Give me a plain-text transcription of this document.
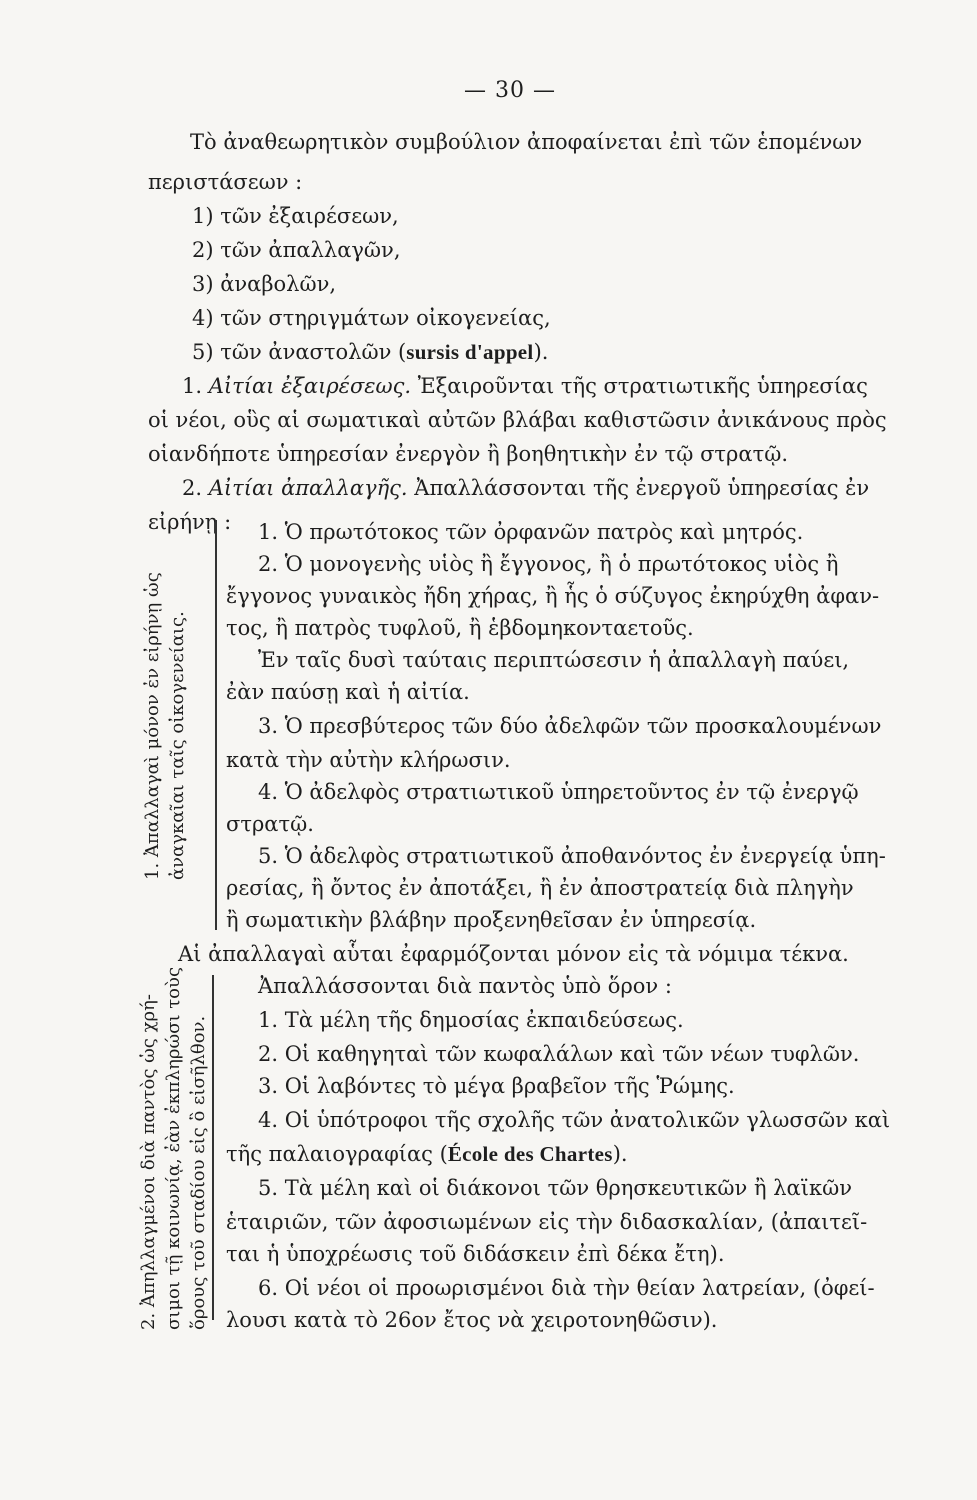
— 30 —
Τὸ ἀναθεωρητικὸν συμβούλιον ἀποφαίνεται ἐπὶ τῶν ἑπομένων
περιστάσεων :
1) τῶν ἐξαιρέσεων,
2) τῶν ἀπαλλαγῶν,
3) ἀναβολῶν,
4) τῶν στηριγμάτων οἰκογενείας,
5) τῶν ἀναστολῶν (sursis d'appel).
1. Αἰτίαι ἐξαιρέσεως. Ἐξαιροῦνται τῆς στρατιωτικῆς ὑπηρεσίας
οἱ νέοι, οὓς αἱ σωματικαὶ αὐτῶν βλάβαι καθιστῶσιν ἀνικάνους πρὸς
οἱανδήποτε ὑπηρεσίαν ἐνεργὸν ἢ βοηθητικὴν ἐν τῷ στρατῷ.
2. Αἰτίαι ἀπαλλαγῆς. Ἀπαλλάσσονται τῆς ἐνεργοῦ ὑπηρεσίας ἐν
εἰρήνῃ :
1. Ἀπαλλαγαὶ μόνον ἐν εἰρήνῃ ὡς ἀναγκαῖαι ταῖς οἰκογενείαις.
1. Ὁ πρωτότοκος τῶν ὀρφανῶν πατρὸς καὶ μητρός.
2. Ὁ μονογενὴς υἱὸς ἢ ἔγγονος, ἢ ὁ πρωτότοκος υἱὸς ἢ
ἔγγονος γυναικὸς ἤδη χήρας, ἢ ἧς ὁ σύζυγος ἐκηρύχθη ἀφαν-
τος, ἢ πατρὸς τυφλοῦ, ἢ ἑβδομηκονταετοῦς.
Ἐν ταῖς δυσὶ ταύταις περιπτώσεσιν ἡ ἀπαλλαγὴ παύει,
ἐὰν παύσῃ καὶ ἡ αἰτία.
3. Ὁ πρεσβύτερος τῶν δύο ἀδελφῶν τῶν προσκαλουμένων
κατὰ τὴν αὐτὴν κλήρωσιν.
4. Ὁ ἀδελφὸς στρατιωτικοῦ ὑπηρετοῦντος ἐν τῷ ἐνεργῷ
στρατῷ.
5. Ὁ ἀδελφὸς στρατιωτικοῦ ἀποθανόντος ἐν ἐνεργείᾳ ὑπη-
ρεσίας, ἢ ὄντος ἐν ἀποτάξει, ἢ ἐν ἀποστρατείᾳ διὰ πληγὴν
ἢ σωματικὴν βλάβην προξενηθεῖσαν ἐν ὑπηρεσίᾳ.
Αἱ ἀπαλλαγαὶ αὗται ἐφαρμόζονται μόνον εἰς τὰ νόμιμα τέκνα.
2. Ἀπηλλαγμένοι διὰ παντὸς ὡς χρή- σιμοι τῇ κοινωνίᾳ, ἐὰν ἐκπληρώσι τοὺς ὅρους τοῦ σταδίου εἰς ὃ εἰσῆλθον.
Ἀπαλλάσσονται διὰ παντὸς ὑπὸ ὅρον :
1. Τὰ μέλη τῆς δημοσίας ἐκπαιδεύσεως.
2. Οἱ καθηγηταὶ τῶν κωφαλάλων καὶ τῶν νέων τυφλῶν.
3. Οἱ λαβόντες τὸ μέγα βραβεῖον τῆς Ῥώμης.
4. Οἱ ὑπότροφοι τῆς σχολῆς τῶν ἀνατολικῶν γλωσσῶν καὶ
τῆς παλαιογραφίας (École des Chartes).
5. Τὰ μέλη καὶ οἱ διάκονοι τῶν θρησκευτικῶν ἢ λαϊκῶν
ἑταιριῶν, τῶν ἀφοσιωμένων εἰς τὴν διδασκαλίαν, (ἀπαιτεῖ-
ται ἡ ὑποχρέωσις τοῦ διδάσκειν ἐπὶ δέκα ἔτη).
6. Οἱ νέοι οἱ προωρισμένοι διὰ τὴν θείαν λατρείαν, (ὀφεί-
λουσι κατὰ τὸ 26ον ἔτος νὰ χειροτονηθῶσιν).
